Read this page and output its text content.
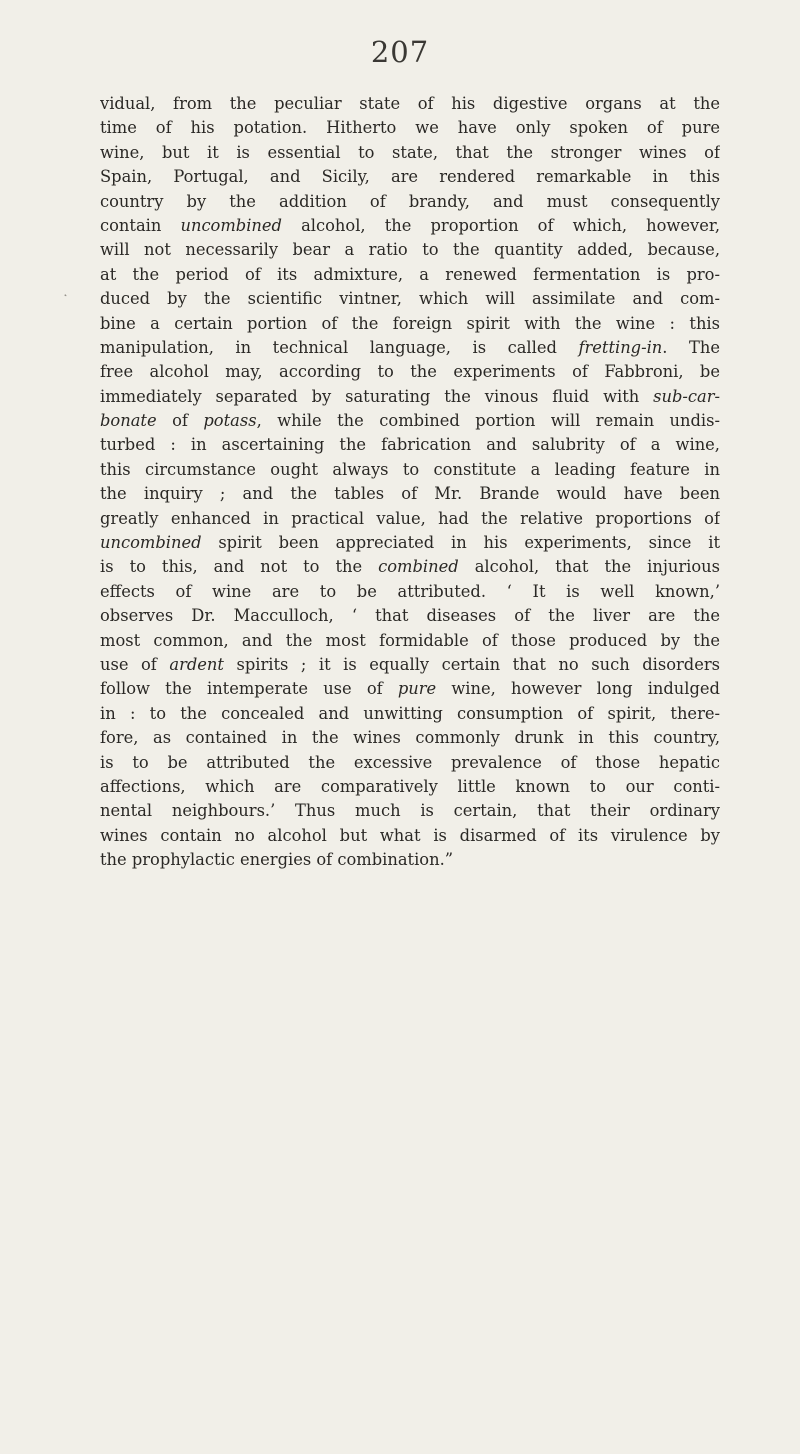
207
vidual, from the peculiar state of his digestive organs at the
time of his potation. Hitherto we have only spoken of pure
wine, but it is essential to state, that the stronger wines of
Spain, Portugal, and Sicily, are rendered remarkable in this
country by the addition of brandy, and must consequently
contain uncombined alcohol, the proportion of which, however,
will not necessarily bear a ratio to the quantity added, because,
at the period of its admixture, a renewed fermentation is pro-
duced by the scientific vintner, which will assimilate and com-
bine a certain portion of the foreign spirit with the wine : this
manipulation, in technical language, is called fretting-in. The
free alcohol may, according to the experiments of Fabbroni, be
immediately separated by saturating the vinous fluid with sub-car-
bonate of potass, while the combined portion will remain undis-
turbed : in ascertaining the fabrication and salubrity of a wine,
this circumstance ought always to constitute a leading feature in
the inquiry ; and the tables of Mr. Brande would have been
greatly enhanced in practical value, had the relative proportions of
uncombined spirit been appreciated in his experiments, since it
is to this, and not to the combined alcohol, that the injurious
effects of wine are to be attributed. ‘ It is well known,’
observes Dr. Macculloch, ‘ that diseases of the liver are the
most common, and the most formidable of those produced by the
use of ardent spirits ; it is equally certain that no such disorders
follow the intemperate use of pure wine, however long indulged
in : to the concealed and unwitting consumption of spirit, there-
fore, as contained in the wines commonly drunk in this country,
is to be attributed the excessive prevalence of those hepatic
affections, which are comparatively little known to our conti-
nental neighbours.’ Thus much is certain, that their ordinary
wines contain no alcohol but what is disarmed of its virulence by
the prophylactic energies of combination.”
˛
